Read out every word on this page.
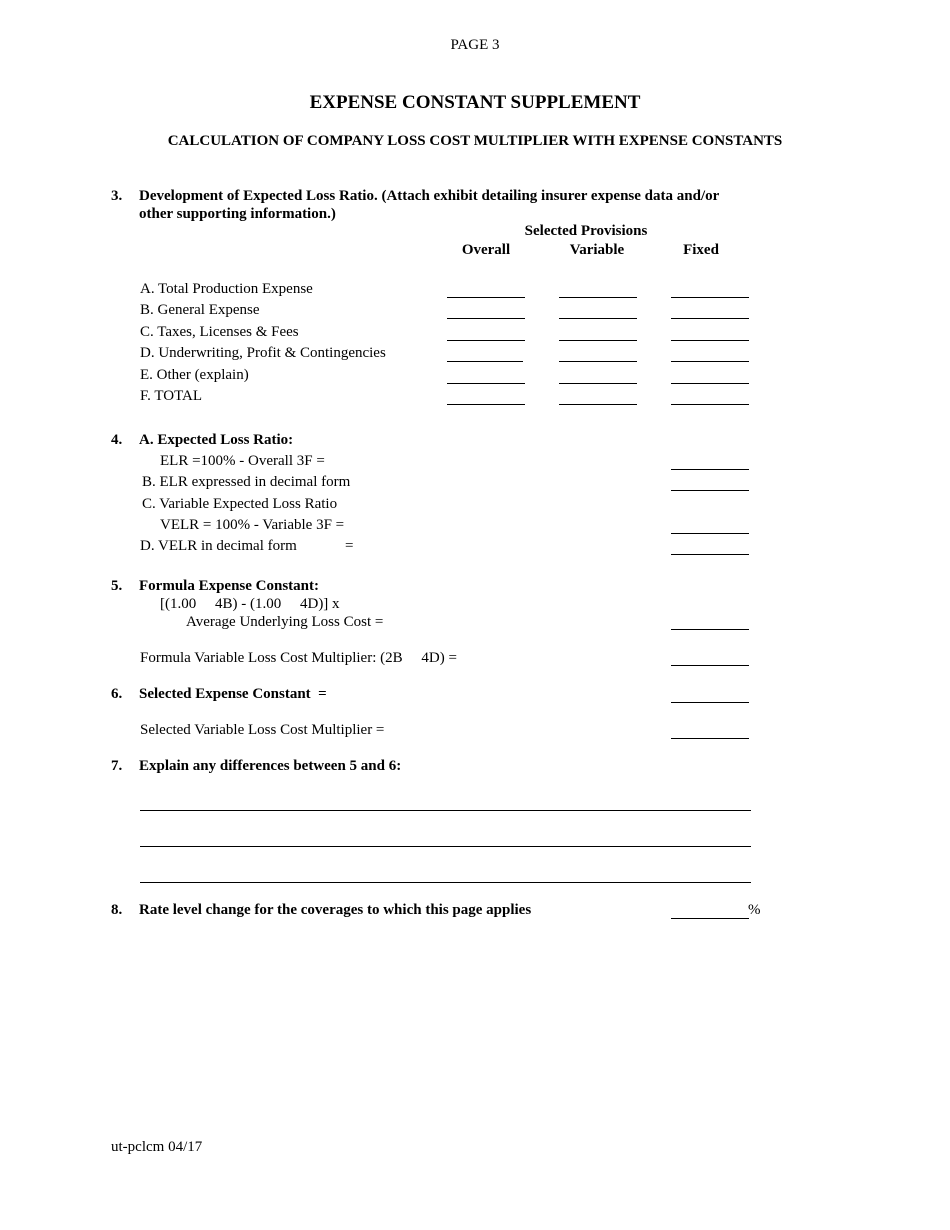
PAGE 3
EXPENSE CONSTANT SUPPLEMENT
CALCULATION OF COMPANY LOSS COST MULTIPLIER WITH EXPENSE CONSTANTS
3. Development of Expected Loss Ratio. (Attach exhibit detailing insurer expense data and/or
other supporting information.)
Selected Provisions
Overall	Variable	Fixed
A. Total Production Expense
B. General Expense
C. Taxes, Licenses & Fees
D. Underwriting, Profit & Contingencies
E. Other (explain)
F. TOTAL
4. A. Expected Loss Ratio:
ELR =100% - Overall 3F =
B. ELR expressed in decimal form
C. Variable Expected Loss Ratio
VELR = 100% - Variable 3F =
D. VELR in decimal form	=
5. Formula Expense Constant:
[(1.00     4B) - (1.00     4D)] x
Average Underlying Loss Cost =
Formula Variable Loss Cost Multiplier: (2B     4D) =
6. Selected Expense Constant  =
Selected Variable Loss Cost Multiplier =
7. Explain any differences between 5 and 6:
8. Rate level change for the coverages to which this page applies	%
ut-pclcm 04/17
